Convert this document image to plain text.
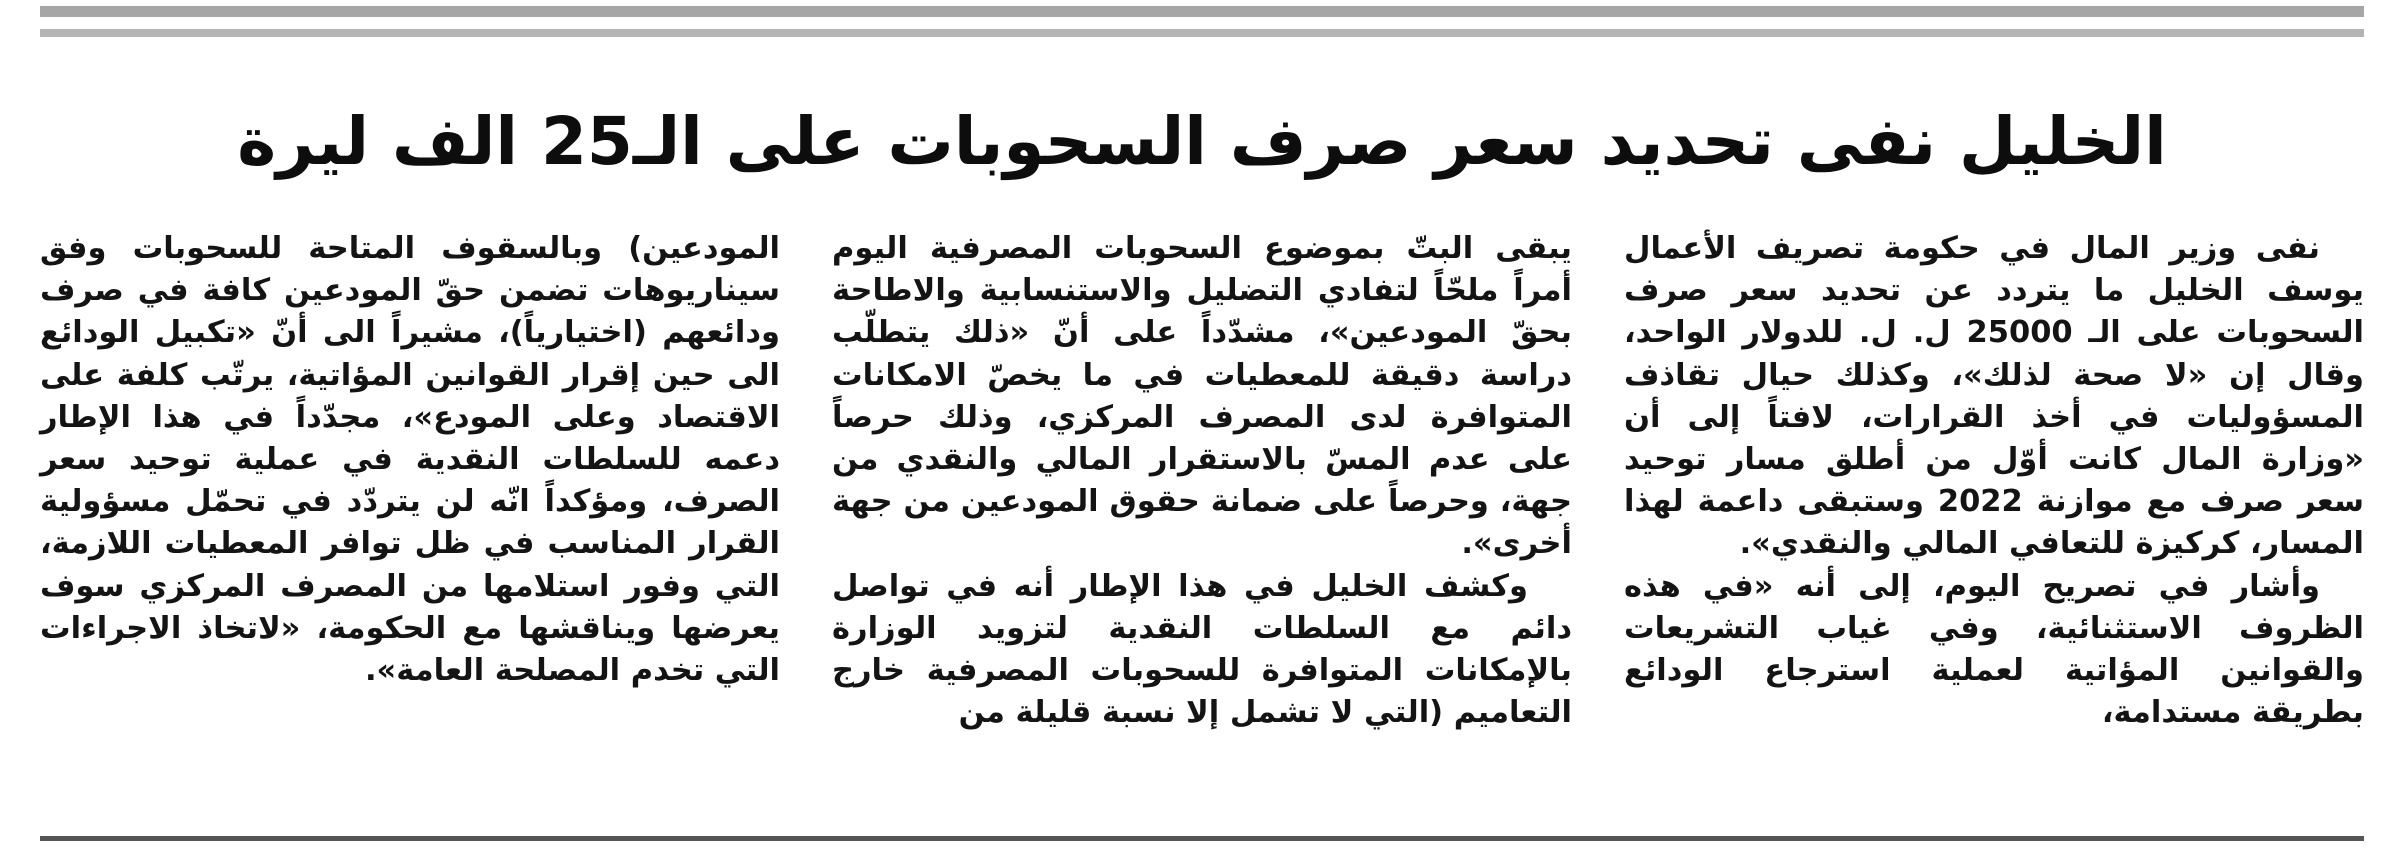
الخليل نفى تحديد سعر صرف السحوبات على الـ25 الف ليرة

نفى وزير المال في حكومة تصريف الأعمال يوسف الخليل ما يتردد عن تحديد سعر صرف السحوبات على الـ 25000 ل. ل. للدولار الواحد، وقال إن «لا صحة لذلك»، وكذلك حيال تقاذف المسؤوليات في أخذ القرارات، لافتاً إلى أن «وزارة المال كانت أوّل من أطلق مسار توحيد سعر صرف مع موازنة 2022 وستبقى داعمة لهذا المسار، كركيزة للتعافي المالي والنقدي».

وأشار في تصريح اليوم، إلى أنه «في هذه الظروف الاستثنائية، وفي غياب التشريعات والقوانين المؤاتية لعملية استرجاع الودائع بطريقة مستدامة،

يبقى البتّ بموضوع السحوبات المصرفية اليوم أمراً ملحّاً لتفادي التضليل والاستنسابية والاطاحة بحقّ المودعين»، مشدّداً على أنّ «ذلك يتطلّب دراسة دقيقة للمعطيات في ما يخصّ الامكانات المتوافرة لدى المصرف المركزي، وذلك حرصاً على عدم المسّ بالاستقرار المالي والنقدي من جهة، وحرصاً على ضمانة حقوق المودعين من جهة أخرى».

وكشف الخليل في هذا الإطار أنه في تواصل دائم مع السلطات النقدية لتزويد الوزارة بالإمكانات المتوافرة للسحوبات المصرفية خارج التعاميم (التي لا تشمل إلا نسبة قليلة من

المودعين) وبالسقوف المتاحة للسحوبات وفق سيناريوهات تضمن حقّ المودعين كافة في صرف ودائعهم (اختيارياً)، مشيراً الى أنّ «تكبيل الودائع الى حين إقرار القوانين المؤاتية، يرتّب كلفة على الاقتصاد وعلى المودع»، مجدّداً في هذا الإطار دعمه للسلطات النقدية في عملية توحيد سعر الصرف، ومؤكداً انّه لن يتردّد في تحمّل مسؤولية القرار المناسب في ظل توافر المعطيات اللازمة، التي وفور استلامها من المصرف المركزي سوف يعرضها ويناقشها مع الحكومة، «لاتخاذ الاجراءات التي تخدم المصلحة العامة».
